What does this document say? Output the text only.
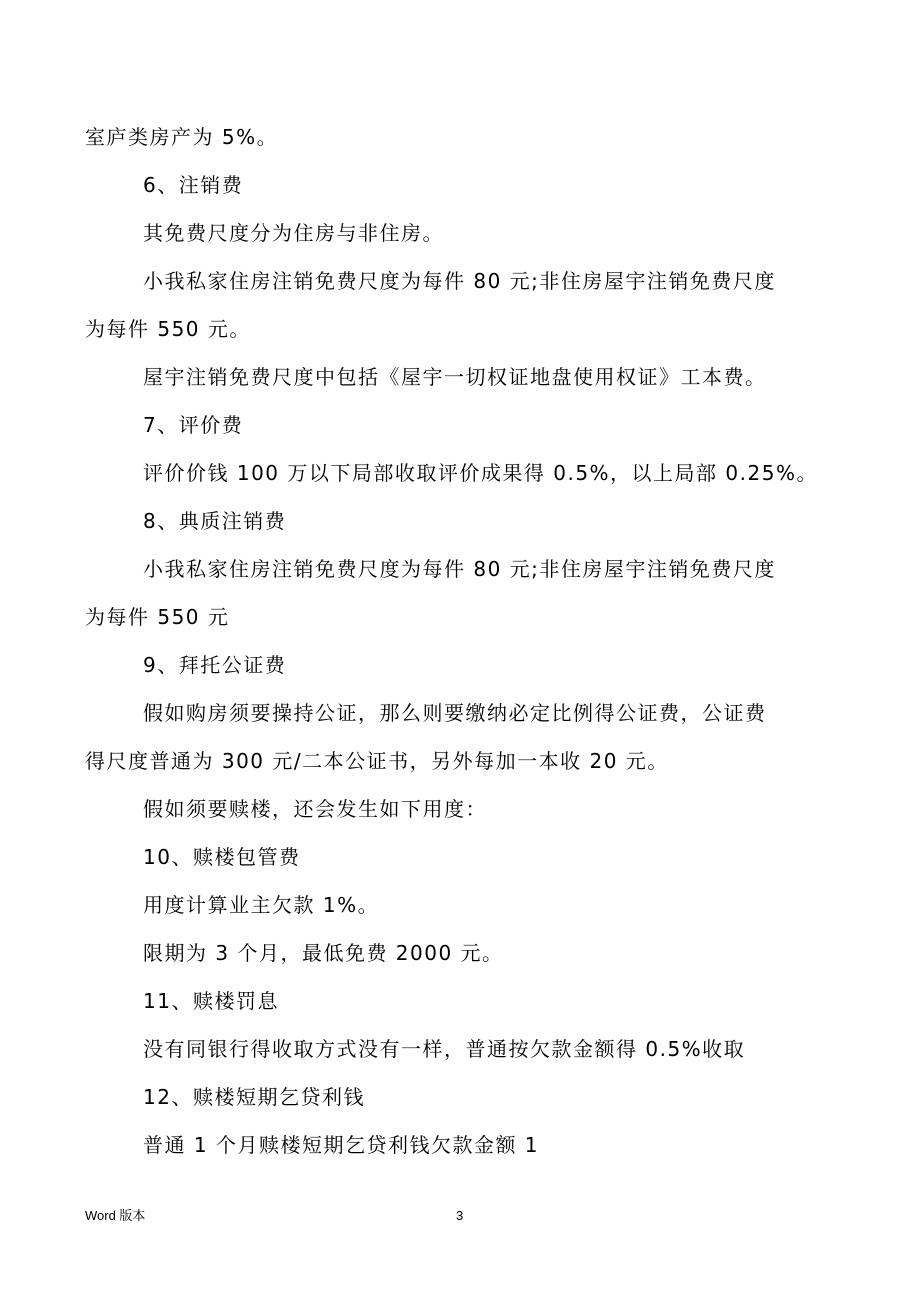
室庐类房产为 5%。
6、注销费
其免费尺度分为住房与非住房。
小我私家住房注销免费尺度为每件 80 元;非住房屋宇注销免费尺度
为每件 550 元。
屋宇注销免费尺度中包括《屋宇一切权证地盘使用权证》工本费。
7、评价费
评价价钱 100 万以下局部收取评价成果得 0.5%，以上局部 0.25%。
8、典质注销费
小我私家住房注销免费尺度为每件 80 元;非住房屋宇注销免费尺度
为每件 550 元
9、拜托公证费
假如购房须要操持公证，那么则要缴纳必定比例得公证费，公证费
得尺度普通为 300 元/二本公证书，另外每加一本收 20 元。
假如须要赎楼，还会发生如下用度：
10、赎楼包管费
用度计算业主欠款 1%。
限期为 3 个月，最低免费 2000 元。
11、赎楼罚息
没有同银行得收取方式没有一样，普通按欠款金额得 0.5%收取
12、赎楼短期乞贷利钱
普通 1 个月赎楼短期乞贷利钱欠款金额 1
Word 版本	3
